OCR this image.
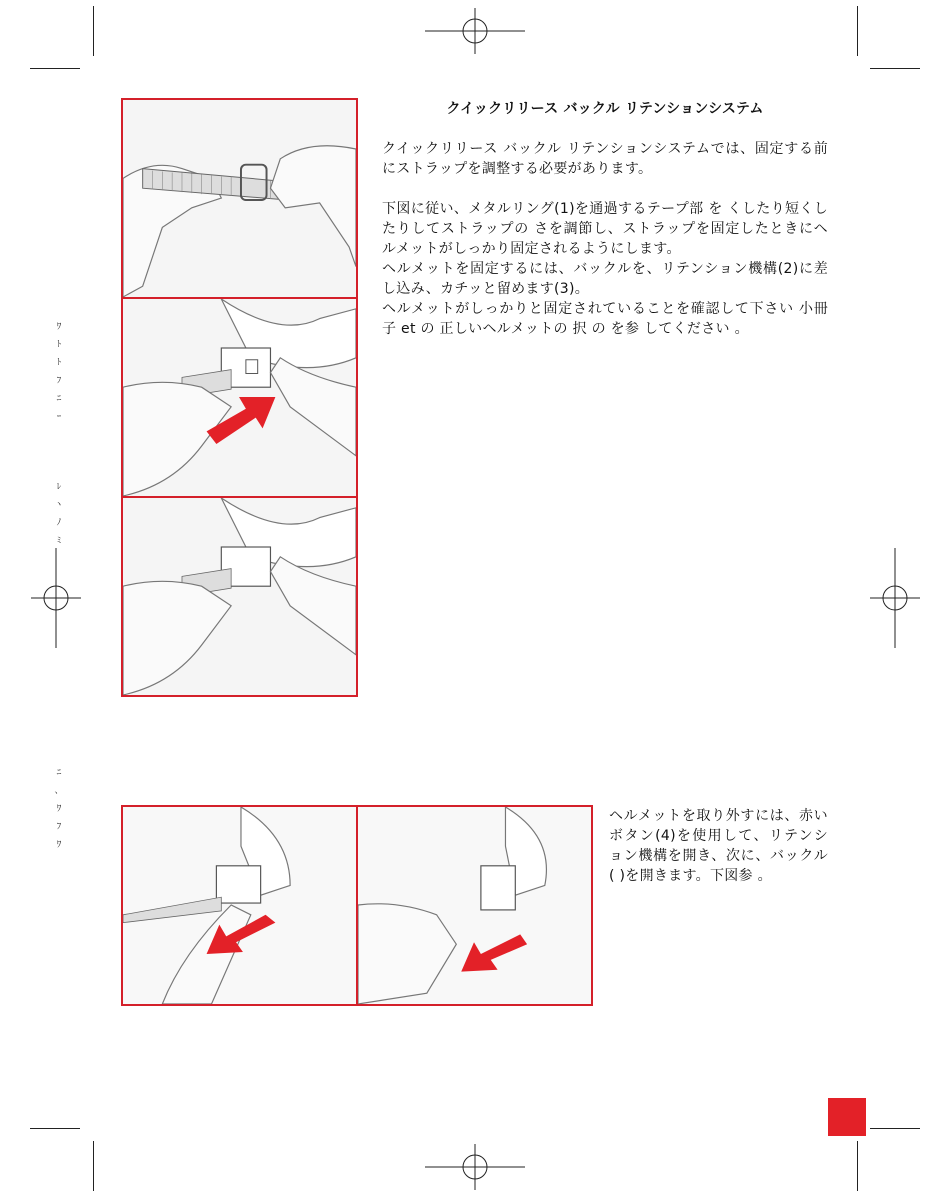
ﾜ
ﾄ
ﾄ
ﾌ
ﾆ
ｰ
ﾚ
ヽ
ﾉ
ﾐ
ﾆ
、
ﾜ
ﾌ
ﾜ
クイックリリース バックル リテンションシステム

クイックリリース バックル リテンションシステムでは、固定する前にストラップを調整する必要があります。

下図に従い、メタルリング(1)を通過するテープ部 を くしたり短くしたりしてストラップの さを調節し、ストラップを固定したときにヘルメットがしっかり固定されるようにします。

ヘルメットを固定するには、バックルを、リテンション機構(2)に差し込み、カチッと留めます(3)。

ヘルメットがしっかりと固定されていることを確認して下さい 小冊子 et の 正しいヘルメットの 択 の を参 してください 。

ヘルメットを取り外すには、赤いボタン(4)を使用して、リテンション機構を開き、次に、バックル( )を開きます。下図参 。
